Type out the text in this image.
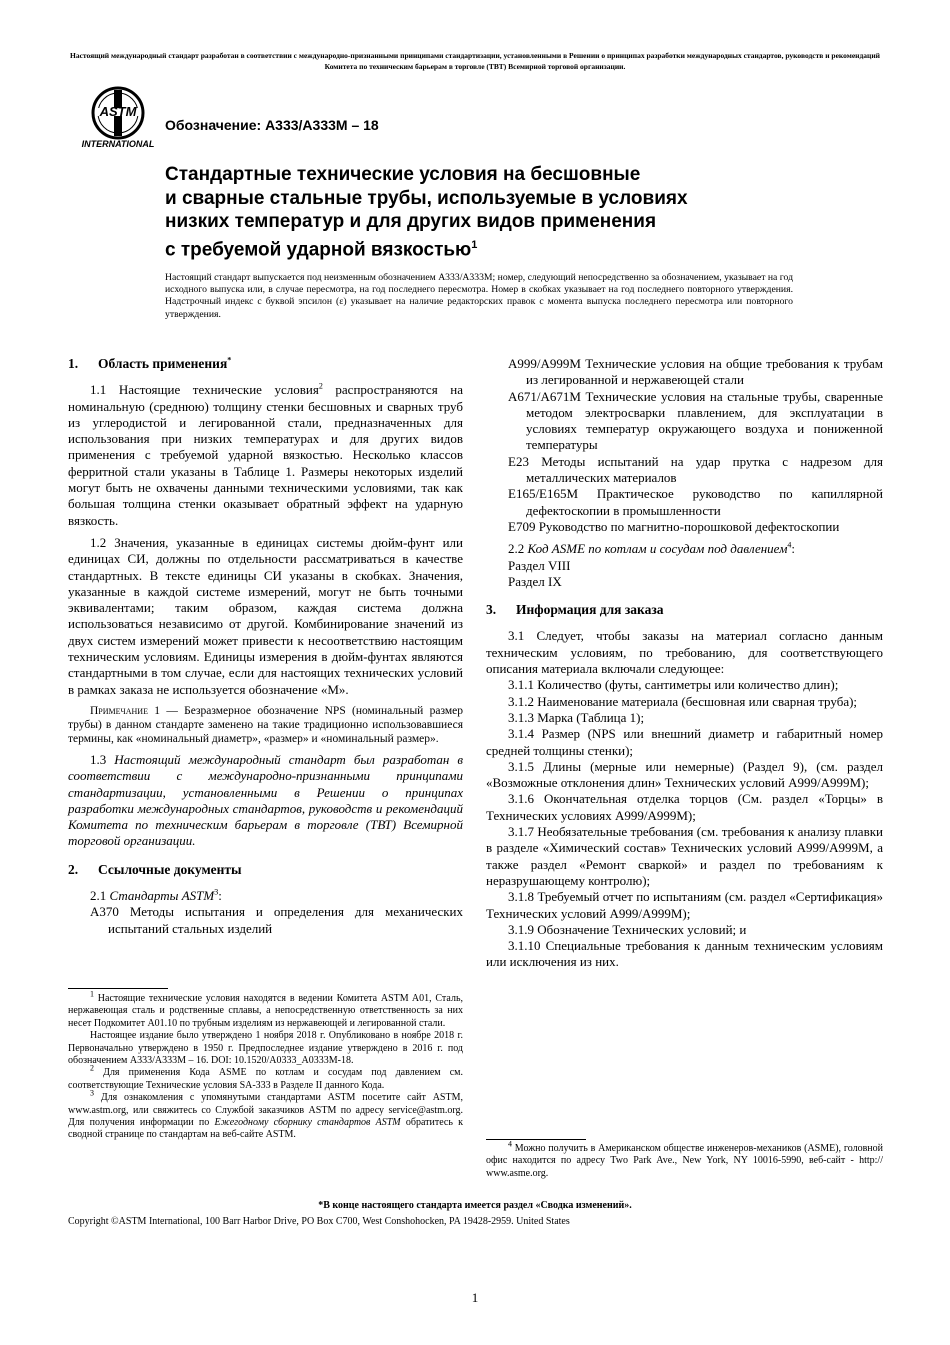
Настоящий международный стандарт разработан в соответствии с международно-признанными принципами стандартизации, установленными в Решении о принципах разработки международных стандартов, руководств и рекомендаций Комитета по техническим барьерам в торговле (ТВТ) Всемирной торговой организации.
ASTM
INTERNATIONAL
Обозначение: A333/A333M – 18
Стандартные технические условия на бесшовные
и сварные стальные трубы, используемые в условиях
низких температур и для других видов применения
с требуемой ударной вязкостью$^1$
Настоящий стандарт выпускается под неизменным обозначением A333/A333M; номер, следующий непосредственно за обозначением, указывает на год исходного выпуска или, в случае пересмотра, на год последнего пересмотра. Номер в скобках указывает на год последнего повторного утверждения. Надстрочный индекс с буквой эпсилон (ε) указывает на наличие редакторских правок с момента выпуска последнего пересмотра или повторного утверждения.
1. Область применения*

1.1 Настоящие технические условия$^2$ распространяются на номинальную (среднюю) толщину стенки бесшовных и сварных труб из углеродистой и легированной стали, предназначенных для использования при низких температурах и для других видов применения с требуемой ударной вязкостью. Несколько классов ферритной стали указаны в Таблице 1. Размеры некоторых изделий могут быть не охвачены данными техническими условиями, так как большая толщина стенки оказывает обратный эффект на ударную вязкость.

1.2 Значения, указанные в единицах системы дюйм-фунт или единицах СИ, должны по отдельности рассматриваться в качестве стандартных. В тексте единицы СИ указаны в скобках. Значения, указанные в каждой системе измерений, могут не быть точными эквивалентами; таким образом, каждая система должна использоваться независимо от другой. Комбинирование значений из двух систем измерений может привести к несоответствию настоящим техническим условиям. Единицы измерения в дюйм-фунтах являются стандартными в том случае, если для настоящих технических условий в рамках заказа не используется обозначение «M».

Примечание 1 — Безразмерное обозначение NPS (номинальный размер трубы) в данном стандарте заменено на такие традиционно использовавшиеся термины, как «номинальный диаметр», «размер» и «номинальный размер».

1.3 Настоящий международный стандарт был разработан в соответствии с международно-признанными принципами стандартизации, установленными в Решении о принципах разработки международных стандартов, руководств и рекомендаций Комитета по техническим барьерам в торговле (ТВТ) Всемирной торговой организации.

2. Ссылочные документы

2.1 Стандарты ASTM$^3$:

A370 Методы испытания и определения для механических испытаний стальных изделий

$^1$ Настоящие технические условия находятся в ведении Комитета ASTM A01, Сталь, нержавеющая сталь и родственные сплавы, а непосредственную ответственность за них несет Подкомитет A01.10 по трубным изделиям из нержавеющей и легированной стали.

Настоящее издание было утверждено 1 ноября 2018 г. Опубликовано в ноябре 2018 г. Первоначально утверждено в 1950 г. Предпоследнее издание утверждено в 2016 г. под обозначением A333/A333M – 16. DOI: 10.1520/A0333_A0333M-18.

$^2$ Для применения Кода ASME по котлам и сосудам под давлением см. соответствующие Технические условия SA-333 в Разделе II данного Кода.

$^3$ Для ознакомления с упомянутыми стандартами ASTM посетите сайт ASTM, www.astm.org, или свяжитесь со Службой заказчиков ASTM по адресу service@astm.org. Для получения информации по Ежегодному сборнику стандартов ASTM обратитесь к сводной странице по стандартам на веб-сайте ASTM.

A999/A999M Технические условия на общие требования к трубам из легированной и нержавеющей стали

A671/A671M Технические условия на стальные трубы, сваренные методом электросварки плавлением, для эксплуатации в условиях температур окружающего воздуха и пониженной температуры

E23 Методы испытаний на удар прутка с надрезом для металлических материалов

E165/E165M Практическое руководство по капиллярной дефектоскопии в промышленности

E709 Руководство по магнитно-порошковой дефектоскопии

2.2 Код ASME по котлам и сосудам под давлением$^4$:

Раздел VIII

Раздел IX

3. Информация для заказа

3.1 Следует, чтобы заказы на материал согласно данным техническим условиям, по требованию, для соответствующего описания материала включали следующее:

3.1.1 Количество (футы, сантиметры или количество длин);

3.1.2 Наименование материала (бесшовная или сварная труба);

3.1.3 Марка (Таблица 1);

3.1.4 Размер (NPS или внешний диаметр и габаритный номер средней толщины стенки);

3.1.5 Длины (мерные или немерные) (Раздел 9), (см. раздел «Возможные отклонения длин» Технических условий A999/A999M);

3.1.6 Окончательная отделка торцов (См. раздел «Торцы» в Технических условиях A999/A999M);

3.1.7 Необязательные требования (см. требования к анализу плавки в разделе «Химический состав» Технических условий A999/A999M, а также раздел «Ремонт сваркой» и раздел по требованиям к неразрушающему контролю);

3.1.8 Требуемый отчет по испытаниям (см. раздел «Сертификация» Технических условий A999/A999M);

3.1.9 Обозначение Технических условий; и

3.1.10 Специальные требования к данным техническим условиям или исключения из них.

$^4$ Можно получить в Американском обществе инженеров-механиков (ASME), головной офис находится по адресу Two Park Ave., New York, NY 10016-5990, веб-сайт - http:// www.asme.org.

*В конце настоящего стандарта имеется раздел «Сводка изменений».
Copyright ©ASTM International, 100 Barr Harbor Drive, PO Box C700, West Conshohocken, PA 19428-2959. United States
1
